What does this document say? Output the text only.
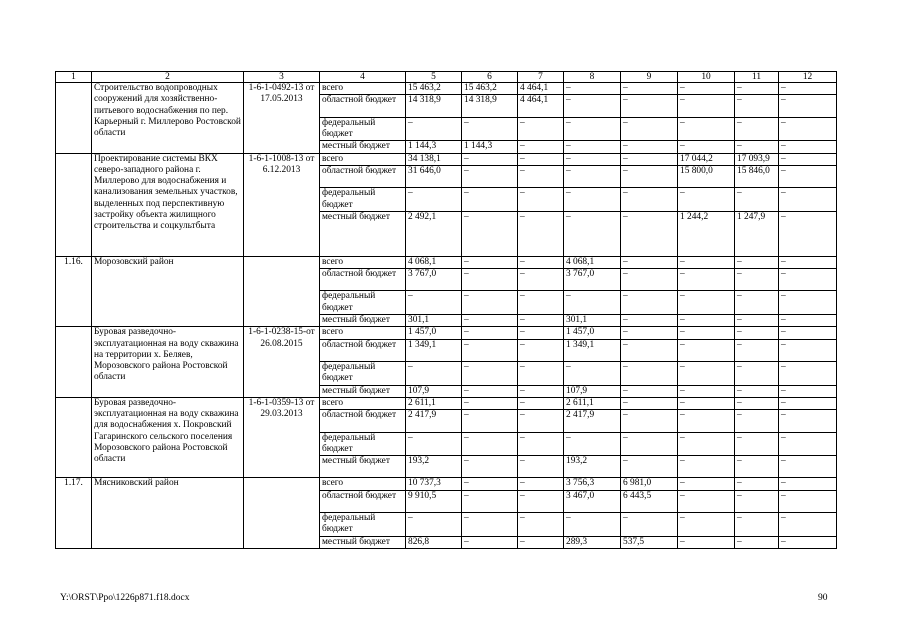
1	2	3	4	5	6	7	8	9	10	11	12
	Строительство водопроводных сооружений для хозяйственно-питьевого водоснабжения по пер. Карьерный г. Миллерово Ростовской области	1-6-1-0492-13 от 17.05.2013	всего	15 463,2	15 463,2	4 464,1	–	–	–	–	–
			областной бюджет	14 318,9	14 318,9	4 464,1	–	–	–	–	–
			федеральный бюджет	–	–	–	–	–	–	–	–
			местный бюджет	1 144,3	1 144,3	–	–	–	–	–	–
	Проектирование системы ВКХ северо-западного района г. Миллерово для водоснабжения и канализования земельных участков, выделенных под перспективную застройку объекта жилищного строительства и соцкультбыта	1-6-1-1008-13 от 6.12.2013	всего	34 138,1	–	–	–	–	17 044,2	17 093,9	–
			областной бюджет	31 646,0	–	–	–	–	15 800,0	15 846,0	–
			федеральный бюджет	–	–	–	–	–	–	–	–
			местный бюджет	2 492,1	–	–	–	–	1 244,2	1 247,9	–
1.16.	Морозовский район		всего	4 068,1	–	–	4 068,1	–	–	–	–
			областной бюджет	3 767,0	–	–	3 767,0	–	–	–	–
			федеральный бюджет	–	–	–	–	–	–	–	–
			местный бюджет	301,1	–	–	301,1	–	–	–	–
	Буровая разведочно-эксплуатационная на воду скважина на территории х. Беляев, Морозовского района Ростовской области	1-6-1-0238-15-от 26.08.2015	всего	1 457,0	–	–	1 457,0	–	–	–	–
			областной бюджет	1 349,1	–	–	1 349,1	–	–	–	–
			федеральный бюджет	–	–	–	–	–	–	–	–
			местный бюджет	107,9	–	–	107,9	–	–	–	–
	Буровая разведочно-эксплуатационная на воду скважина для водоснабжения х. Покровский Гагаринского сельского поселения Морозовского района Ростовской области	1-6-1-0359-13 от 29.03.2013	всего	2 611,1	–	–	2 611,1	–	–	–	–
			областной бюджет	2 417,9	–	–	2 417,9	–	–	–	–
			федеральный бюджет	–	–	–	–	–	–	–	–
			местный бюджет	193,2	–	–	193,2	–	–	–	–
1.17.	Мясниковский район		всего	10 737,3	–	–	3 756,3	6 981,0	–	–	–
			областной бюджет	9 910,5	–	–	3 467,0	6 443,5	–	–	–
			федеральный бюджет	–	–	–	–	–	–	–	–
			местный бюджет	826,8	–	–	289,3	537,5	–	–	–
Y:\ORST\Ppo\1226p871.f18.docx	90
